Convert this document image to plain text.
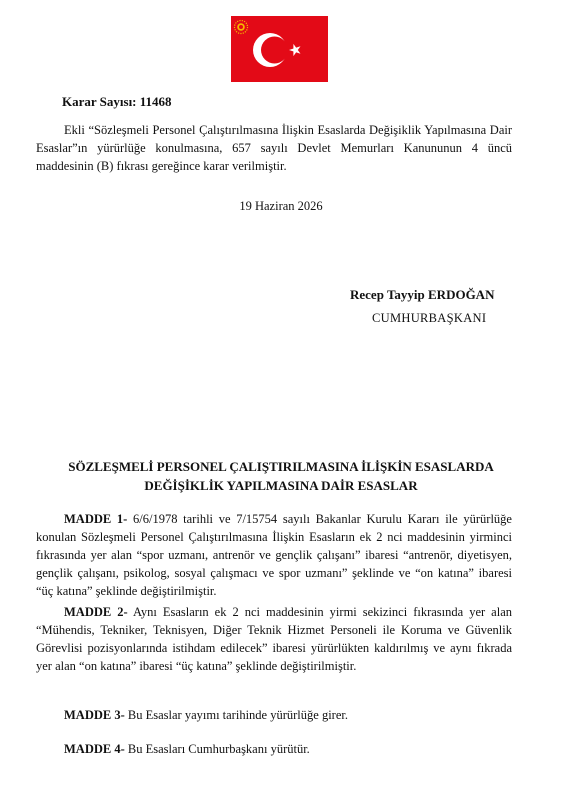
Karar Sayısı: 11468
Ekli “Sözleşmeli Personel Çalıştırılmasına İlişkin Esaslarda Değişiklik Yapılmasına Dair Esaslar”ın yürürlüğe konulmasına, 657 sayılı Devlet Memurları Kanununun 4 üncü maddesinin (B) fıkrası gereğince karar verilmiştir.
19 Haziran 2026
Recep Tayyip ERDOĞAN
CUMHURBAŞKANI
SÖZLEŞMELİ PERSONEL ÇALIŞTIRILMASINA İLİŞKİN ESASLARDA
DEĞİŞİKLİK YAPILMASINA DAİR ESASLAR
MADDE 1- 6/6/1978 tarihli ve 7/15754 sayılı Bakanlar Kurulu Kararı ile yürürlüğe konulan Sözleşmeli Personel Çalıştırılmasına İlişkin Esasların ek 2 nci maddesinin yirminci fıkrasında yer alan “spor uzmanı, antrenör ve gençlik çalışanı” ibaresi “antrenör, diyetisyen, gençlik çalışanı, psikolog, sosyal çalışmacı ve spor uzmanı” şeklinde ve “on katına” ibaresi “üç katına” şeklinde değiştirilmiştir.
MADDE 2- Aynı Esasların ek 2 nci maddesinin yirmi sekizinci fıkrasında yer alan “Mühendis, Tekniker, Teknisyen, Diğer Teknik Hizmet Personeli ile Koruma ve Güvenlik Görevlisi pozisyonlarında istihdam edilecek” ibaresi yürürlükten kaldırılmış ve aynı fıkrada yer alan “on katına” ibaresi “üç katına” şeklinde değiştirilmiştir.
MADDE 3- Bu Esaslar yayımı tarihinde yürürlüğe girer.
MADDE 4- Bu Esasları Cumhurbaşkanı yürütür.
